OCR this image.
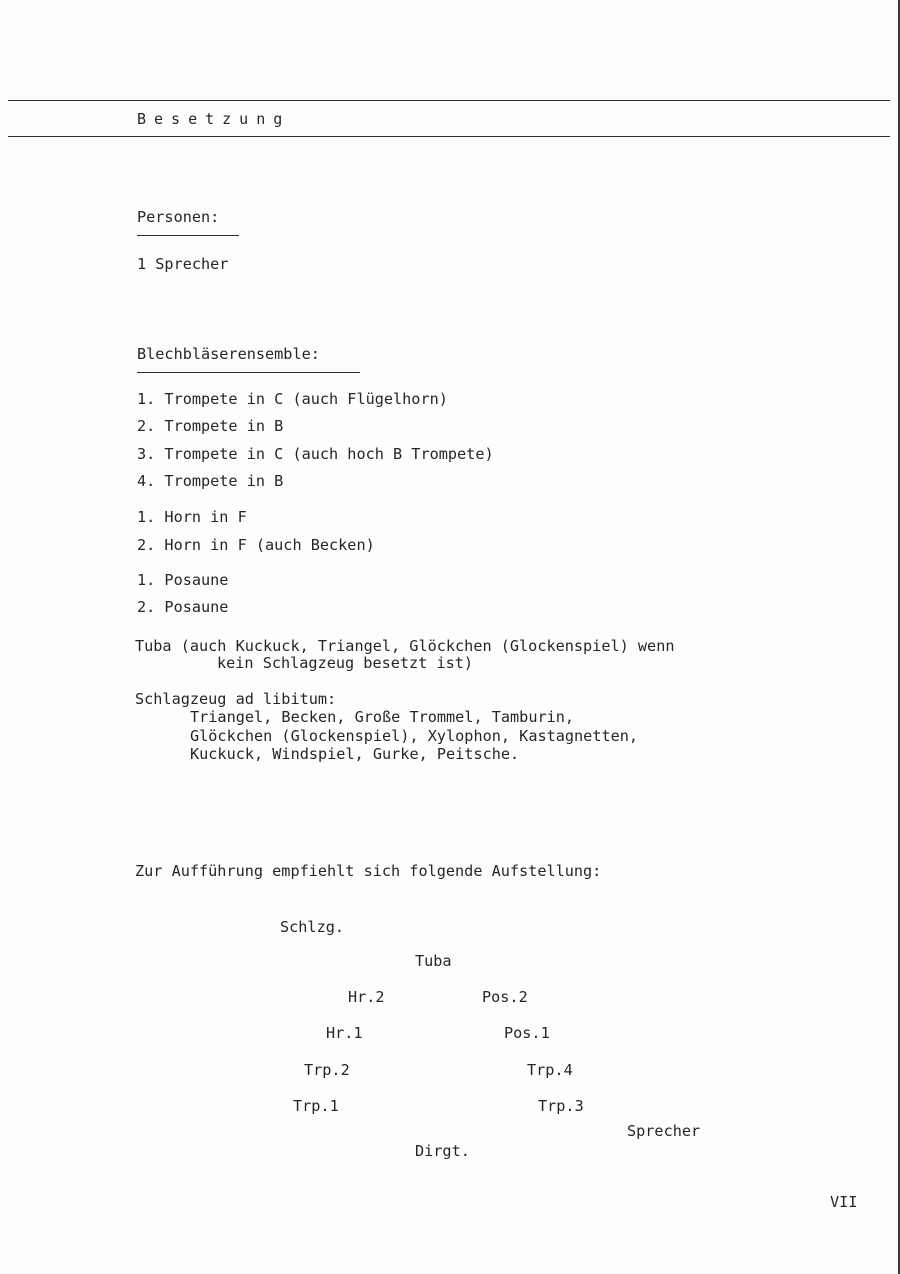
Besetzung
Personen:
1 Sprecher
Blechbläserensemble:
1. Trompete in C (auch Flügelhorn)
2. Trompete in B
3. Trompete in C (auch hoch B Trompete)
4. Trompete in B
1. Horn in F
2. Horn in F (auch Becken)
1. Posaune
2. Posaune
Tuba (auch Kuckuck, Triangel, Glöckchen (Glockenspiel) wenn
kein Schlagzeug besetzt ist)
Schlagzeug ad libitum:
Triangel, Becken, Große Trommel, Tamburin,
Glöckchen (Glockenspiel), Xylophon, Kastagnetten,
Kuckuck, Windspiel, Gurke, Peitsche.
Zur Aufführung empfiehlt sich folgende Aufstellung:
Schlzg.
Tuba
Hr.2	Pos.2
Hr.1	Pos.1
Trp.2	Trp.4
Trp.1	Trp.3
Sprecher
Dirgt.
VII
